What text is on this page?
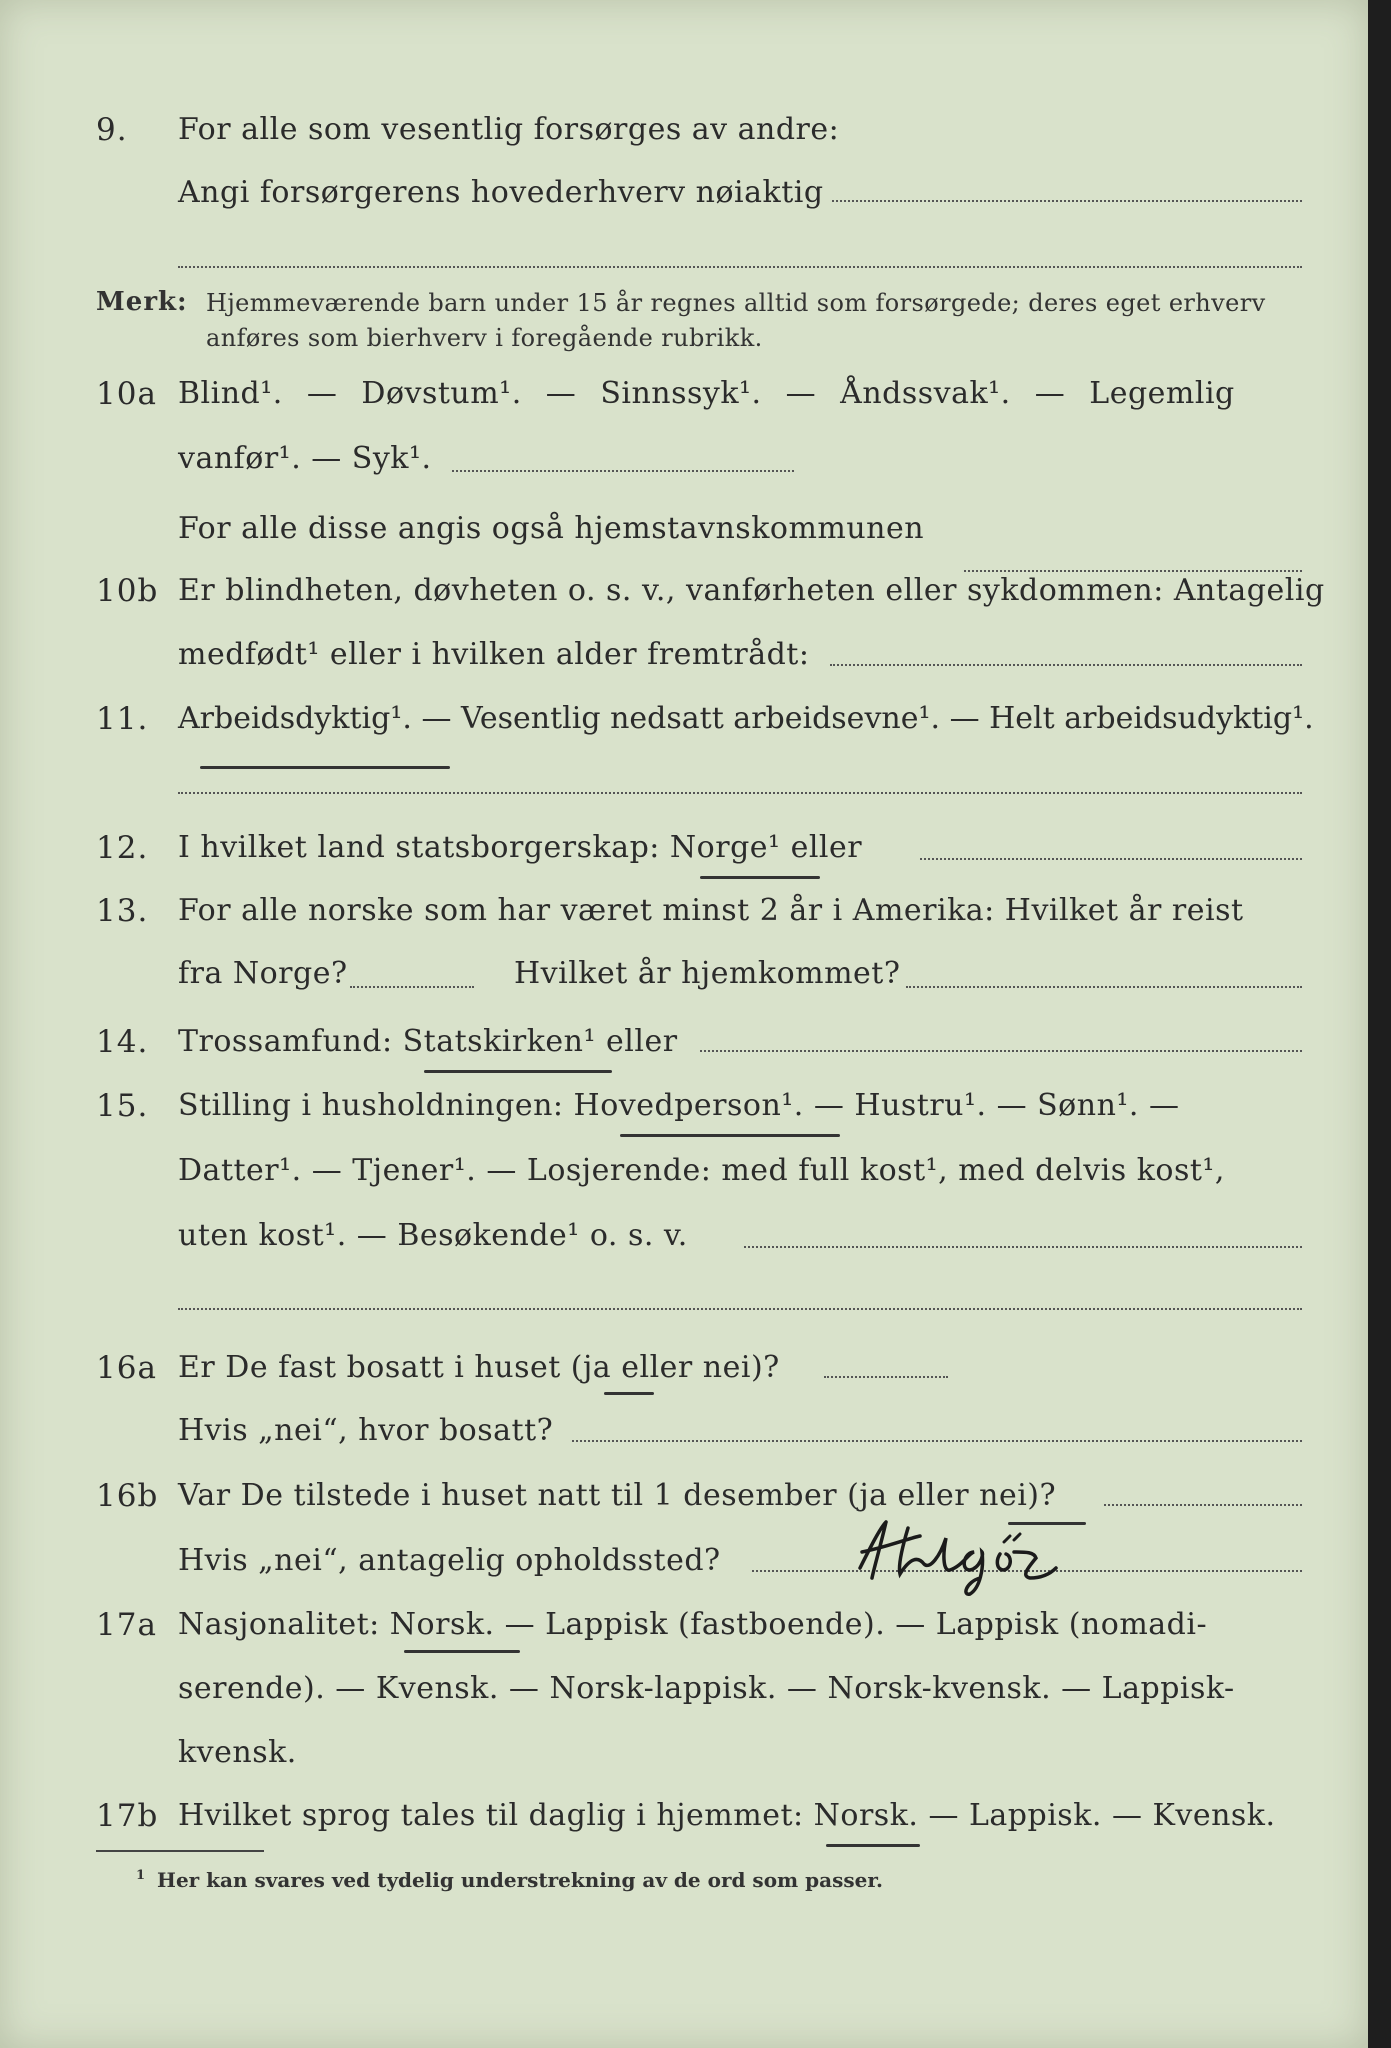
9. For alle som vesentlig forsørges av andre:
Angi forsørgerens hovederhverv nøiaktig
Merk: Hjemmeværende barn under 15 år regnes alltid som forsørgede; deres eget erhverv
anføres som bierhverv i foregående rubrikk.
10a Blind¹. — Døvstum¹. — Sinnssyk¹. — Åndssvak¹. — Legemlig
vanfør¹. — Syk¹.
For alle disse angis også hjemstavnskommunen
10b Er blindheten, døvheten o. s. v., vanførheten eller sykdommen: Antagelig
medfødt¹ eller i hvilken alder fremtrådt:
11. Arbeidsdyktig¹. — Vesentlig nedsatt arbeidsevne¹. — Helt arbeidsudyktig¹.
12. I hvilket land statsborgerskap: Norge¹ eller
13. For alle norske som har været minst 2 år i Amerika: Hvilket år reist
fra Norge?	Hvilket år hjemkommet?
14. Trossamfund: Statskirken¹ eller
15. Stilling i husholdningen: Hovedperson¹. — Hustru¹. — Sønn¹. —
Datter¹. — Tjener¹. — Losjerende: med full kost¹, med delvis kost¹,
uten kost¹. — Besøkende¹ o. s. v.
16a Er De fast bosatt i huset (ja eller nei)?
Hvis „nei“, hvor bosatt?
16b Var De tilstede i huset natt til 1 desember (ja eller nei)?
Hvis „nei“, antagelig opholdssted?
17a Nasjonalitet: Norsk. — Lappisk (fastboende). — Lappisk (nomadi-
serende). — Kvensk. — Norsk-lappisk. — Norsk-kvensk. — Lappisk-
kvensk.
17b Hvilket sprog tales til daglig i hjemmet: Norsk. — Lappisk. — Kvensk.
$^1$ Her kan svares ved tydelig understrekning av de ord som passer.
